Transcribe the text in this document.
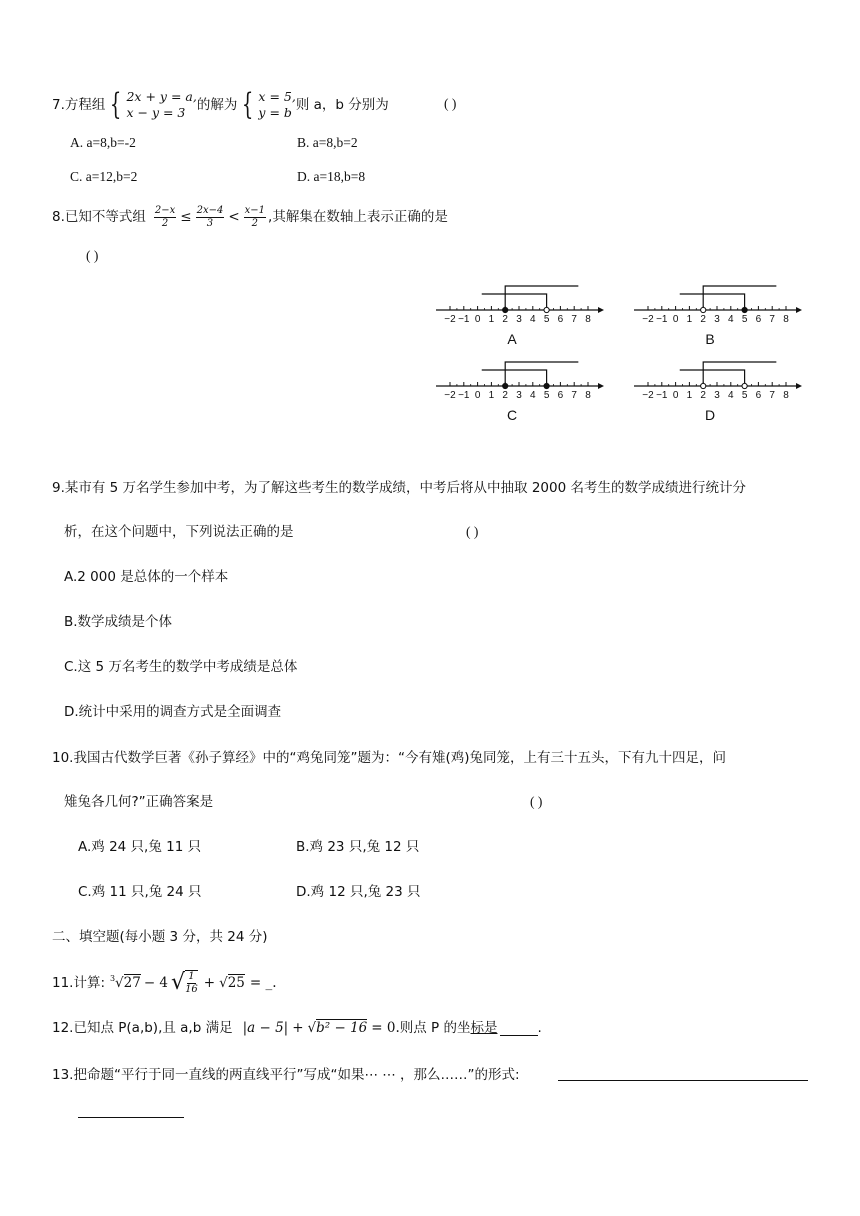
7.方程组 { 2x + y = a,
x − y = 3 的解为 { x = 5,
y = b 则 a，b 分别为	( )
A. a=8,b=-2	B. a=8,b=2
C. a=12,b=2	D. a=18,b=8
8.已知不等式组 $\frac{2-x}{2} \le \frac{2x-4}{3} < \frac{x-1}{2}$ ,其解集在数轴上表示正确的是
( )
−2 −1 0 1 2 3 4 5 6 7 8
A
−2 −1 0 1 2 3 4 5 6 7 8
B
−2 −1 0 1 2 3 4 5 6 7 8
C
−2 −1 0 1 2 3 4 5 6 7 8
D
9.某市有 5 万名学生参加中考，为了解这些考生的数学成绩，中考后将从中抽取 2000 名考生的数学成绩进行统计分
析，在这个问题中，下列说法正确的是	( )
A.2 000 是总体的一个样本
B.数学成绩是个体
C.这 5 万名考生的数学中考成绩是总体
D.统计中采用的调查方式是全面调查
10.我国古代数学巨著《孙子算经》中的“鸡兔同笼”题为：“今有雉(鸡)兔同笼，上有三十五头，下有九十四足，问
雉兔各几何?”正确答案是	( )
A.鸡 24 只,兔 11 只	B.鸡 23 只,兔 12 只
C.鸡 11 只,兔 24 只	D.鸡 12 只,兔 23 只
二、填空题(每小题 3 分，共 24 分)
11.计算: 3 √27 − 4 √ $\frac{1}{16} + √25$ = _.
12.已知点 P(a,b),且 a,b 满足 |a − 5| + √b² − 16 = 0. 则点 P 的坐 标是	.
13.把命题“平行于同一直线的两直线平行”写成“如果⋯ ⋯ ，那么……”的形式:
